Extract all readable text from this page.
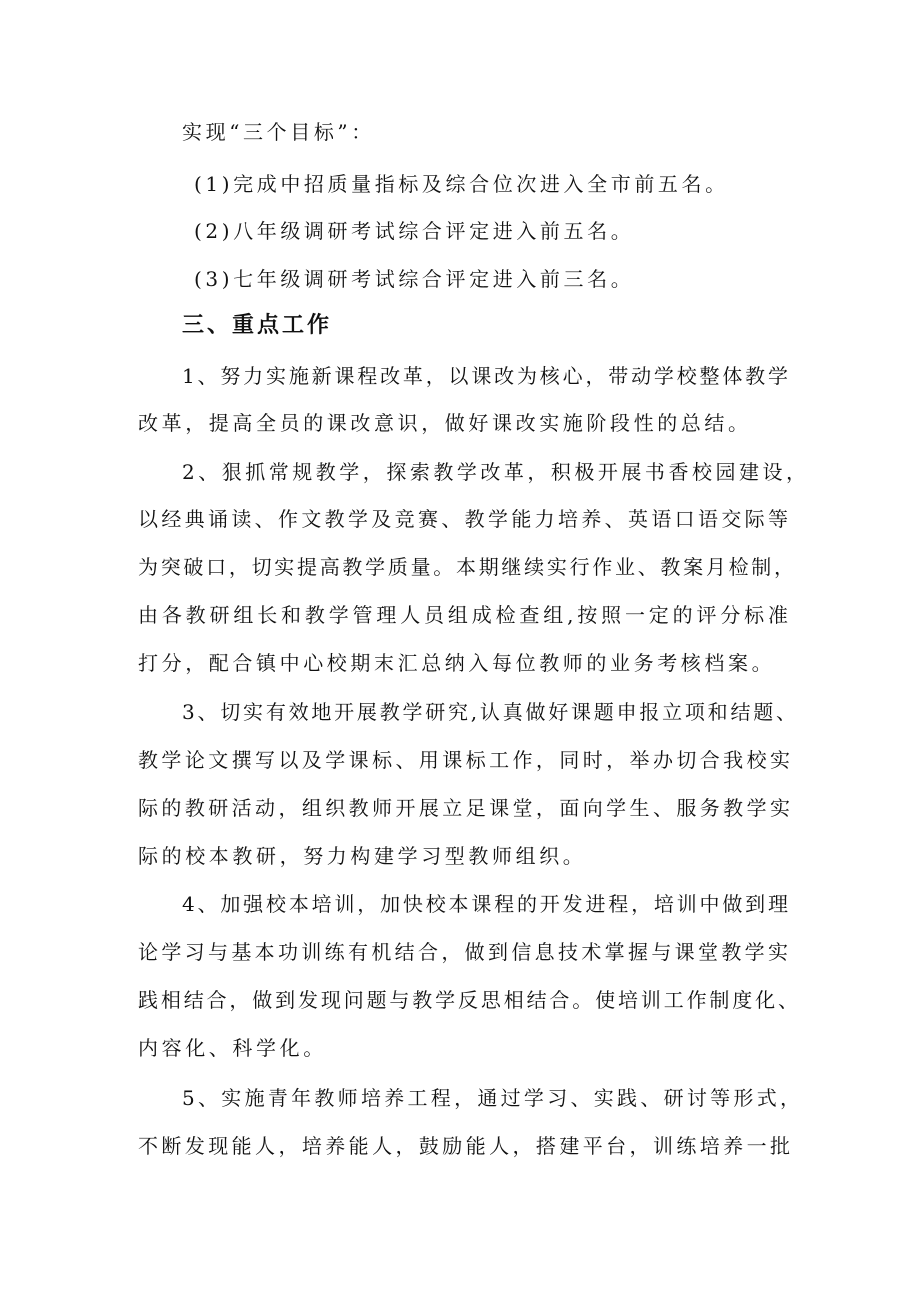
实现“三个目标”：
(1)完成中招质量指标及综合位次进入全市前五名。
(2)八年级调研考试综合评定进入前五名。
(3)七年级调研考试综合评定进入前三名。
三、重点工作
1、努力实施新课程改革，以课改为核心，带动学校整体教学
改革，提高全员的课改意识，做好课改实施阶段性的总结。
2、狠抓常规教学，探索教学改革，积极开展书香校园建设，
以经典诵读、作文教学及竞赛、教学能力培养、英语口语交际等
为突破口，切实提高教学质量。本期继续实行作业、教案月检制，
由各教研组长和教学管理人员组成检查组,按照一定的评分标准
打分，配合镇中心校期末汇总纳入每位教师的业务考核档案。
3、切实有效地开展教学研究,认真做好课题申报立项和结题、
教学论文撰写以及学课标、用课标工作，同时，举办切合我校实
际的教研活动，组织教师开展立足课堂，面向学生、服务教学实
际的校本教研，努力构建学习型教师组织。
4、加强校本培训，加快校本课程的开发进程，培训中做到理
论学习与基本功训练有机结合，做到信息技术掌握与课堂教学实
践相结合，做到发现问题与教学反思相结合。使培训工作制度化、
内容化、科学化。
5、实施青年教师培养工程，通过学习、实践、研讨等形式，
不断发现能人，培养能人，鼓励能人，搭建平台，训练培养一批
